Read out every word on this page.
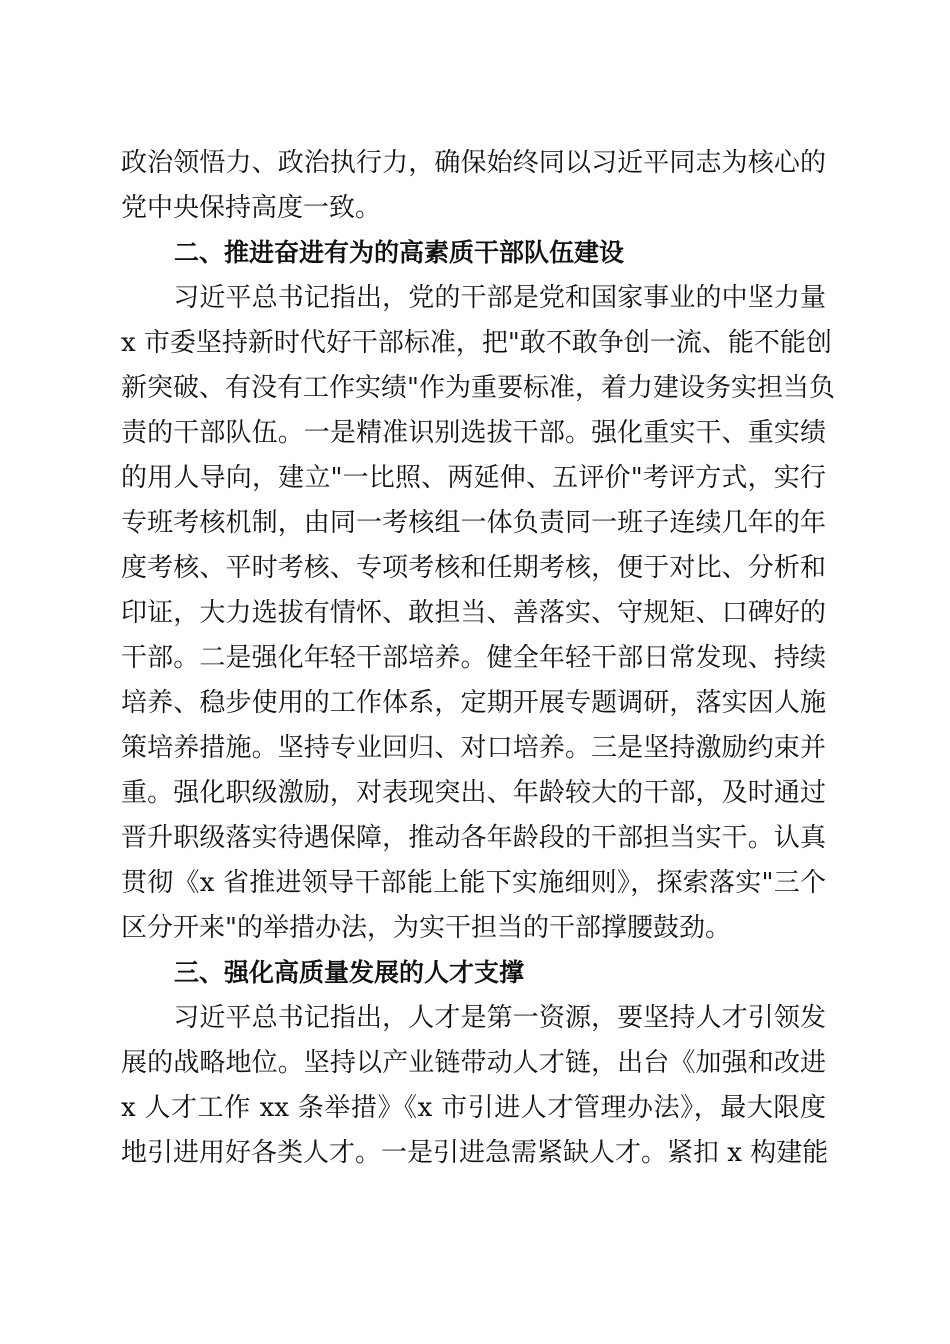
政治领悟力、政治执行力，确保始终同以习近平同志为核心的
党中央保持高度一致。
二、推进奋进有为的高素质干部队伍建设
　　习近平总书记指出，党的干部是党和国家事业的中坚力量
x 市委坚持新时代好干部标准，把"敢不敢争创一流、能不能创
新突破、有没有工作实绩"作为重要标准，着力建设务实担当负
责的干部队伍。一是精准识别选拔干部。强化重实干、重实绩
的用人导向，建立"一比照、两延伸、五评价"考评方式，实行
专班考核机制，由同一考核组一体负责同一班子连续几年的年
度考核、平时考核、专项考核和任期考核，便于对比、分析和
印证，大力选拔有情怀、敢担当、善落实、守规矩、口碑好的
干部。二是强化年轻干部培养。健全年轻干部日常发现、持续
培养、稳步使用的工作体系，定期开展专题调研，落实因人施
策培养措施。坚持专业回归、对口培养。三是坚持激励约束并
重。强化职级激励，对表现突出、年龄较大的干部，及时通过
晋升职级落实待遇保障，推动各年龄段的干部担当实干。认真
贯彻《x 省推进领导干部能上能下实施细则》，探索落实"三个
区分开来"的举措办法，为实干担当的干部撑腰鼓劲。
三、强化高质量发展的人才支撑
　　习近平总书记指出，人才是第一资源，要坚持人才引领发
展的战略地位。坚持以产业链带动人才链，出台《加强和改进
x 人才工作 xx 条举措》《x 市引进人才管理办法》，最大限度
地引进用好各类人才。一是引进急需紧缺人才。紧扣 x 构建能
